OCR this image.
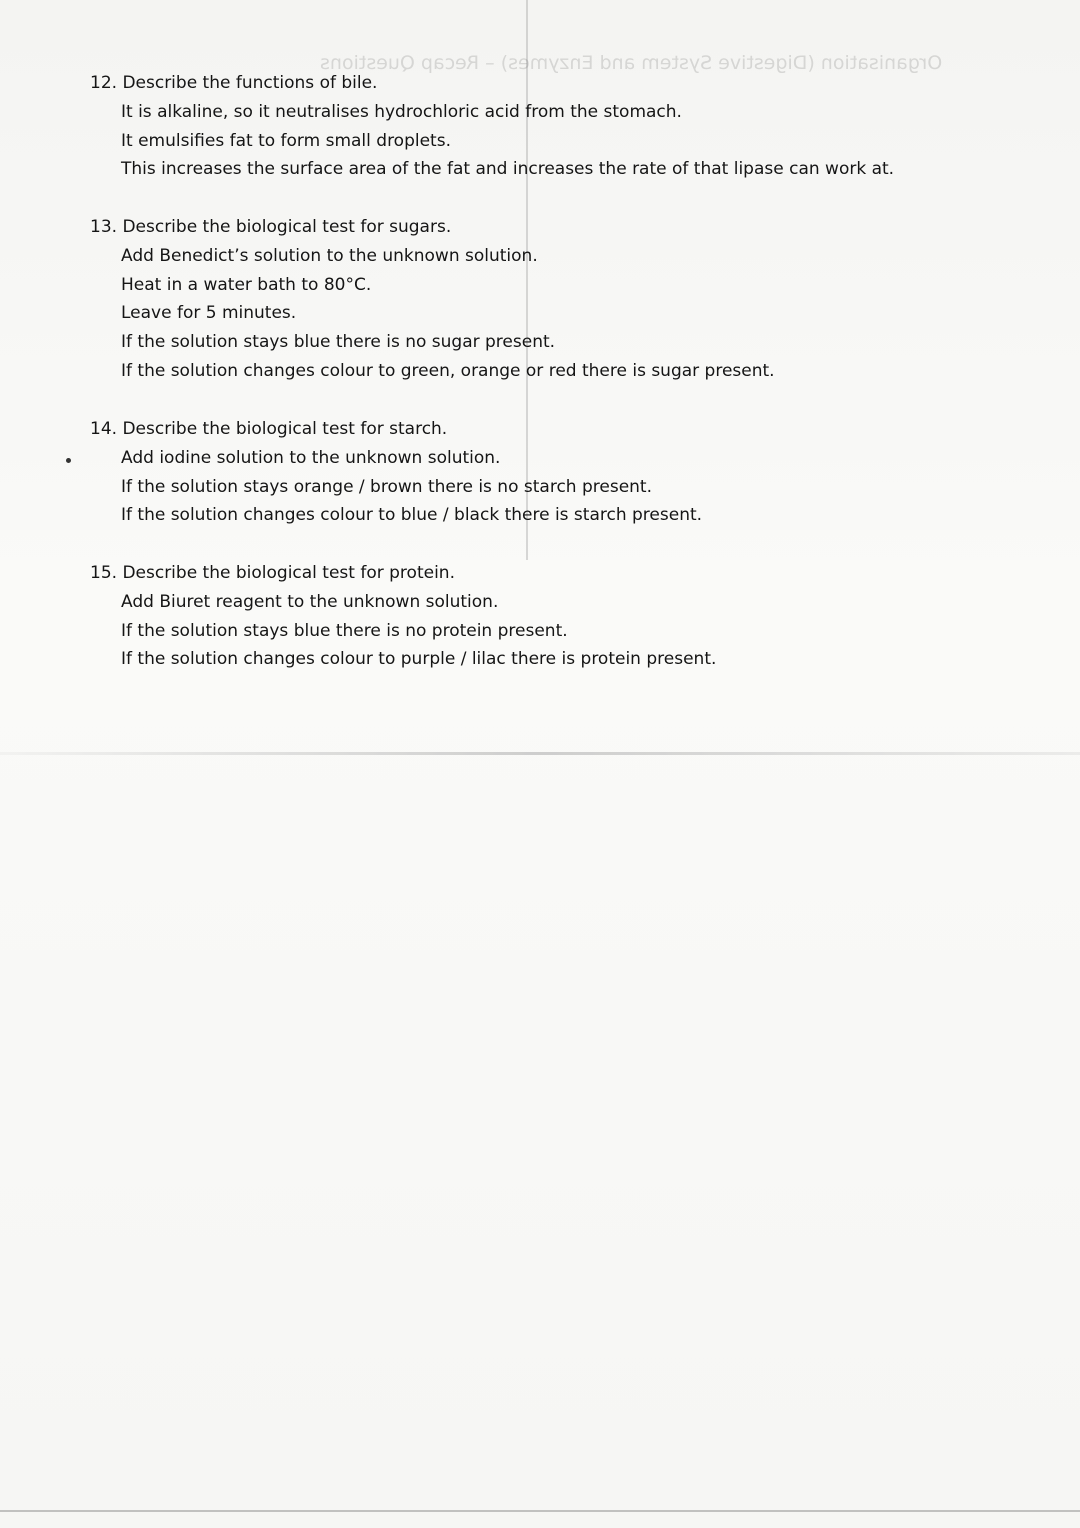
Organisation (Digestive System and Enzymes) – Recap Questions
12. Describe the functions of bile.
It is alkaline, so it neutralises hydrochloric acid from the stomach.
It emulsifies fat to form small droplets.
This increases the surface area of the fat and increases the rate of that lipase can work at.
13. Describe the biological test for sugars.
Add Benedict’s solution to the unknown solution.
Heat in a water bath to 80°C.
Leave for 5 minutes.
If the solution stays blue there is no sugar present.
If the solution changes colour to green, orange or red there is sugar present.
14. Describe the biological test for starch.
Add iodine solution to the unknown solution.
If the solution stays orange / brown there is no starch present.
If the solution changes colour to blue / black there is starch present.
15. Describe the biological test for protein.
Add Biuret reagent to the unknown solution.
If the solution stays blue there is no protein present.
If the solution changes colour to purple / lilac there is protein present.
